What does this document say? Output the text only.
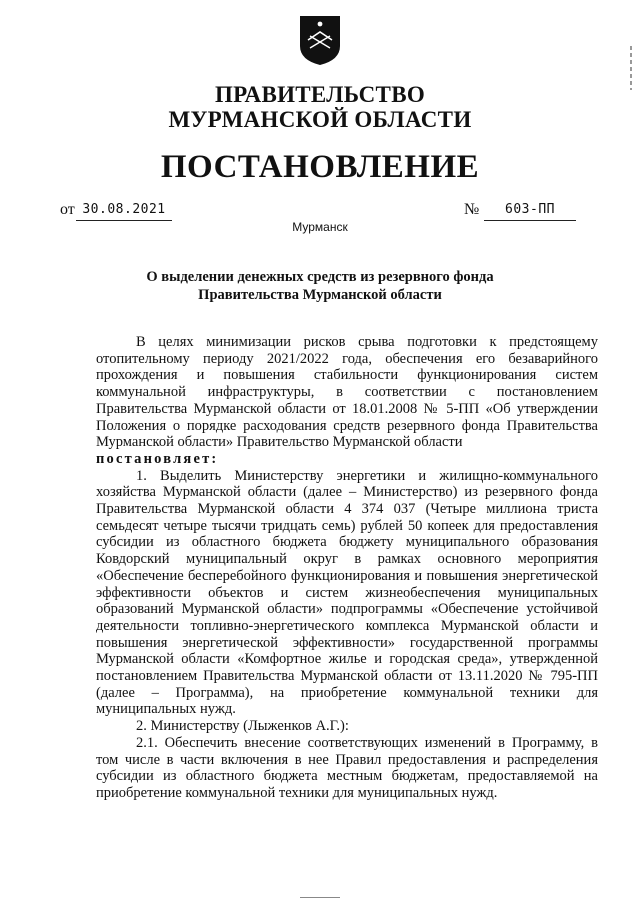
ПРАВИТЕЛЬСТВО
МУРМАНСКОЙ ОБЛАСТИ
ПОСТАНОВЛЕНИЕ
от 30.08.2021	№	603-ПП
Мурманск
О выделении денежных средств из резервного фонда
Правительства Мурманской области

В целях минимизации рисков срыва подготовки к предстоящему отопительному периоду 2021/2022 года, обеспечения его безаварийного прохождения и повышения стабильности функционирования систем коммунальной инфраструктуры, в соответствии с постановлением Правительства Мурманской области от 18.01.2008 № 5-ПП «Об утверждении Положения о порядке расходования средств резервного фонда Правительства Мурманской области» Правительство Мурманской области

постановляет:

1. Выделить Министерству энергетики и жилищно-коммунального хозяйства Мурманской области (далее – Министерство) из резервного фонда Правительства Мурманской области 4 374 037 (Четыре миллиона триста семьдесят четыре тысячи тридцать семь) рублей 50 копеек для предоставления субсидии из областного бюджета бюджету муниципального образования Ковдорский муниципальный округ в рамках основного мероприятия «Обеспечение бесперебойного функционирования и повышения энергетической эффективности объектов и систем жизнеобеспечения муниципальных образований Мурманской области» подпрограммы «Обеспечение устойчивой деятельности топливно-энергетического комплекса Мурманской области и повышения энергетической эффективности» государственной программы Мурманской области «Комфортное жилье и городская среда», утвержденной постановлением Правительства Мурманской области от 13.11.2020 № 795-ПП (далее – Программа), на приобретение коммунальной техники для муниципальных нужд.

2. Министерству (Лыженков А.Г.):

2.1. Обеспечить внесение соответствующих изменений в Программу, в том числе в части включения в нее Правил предоставления и распределения субсидии из областного бюджета местным бюджетам, предоставляемой на приобретение коммунальной техники для муниципальных нужд.
